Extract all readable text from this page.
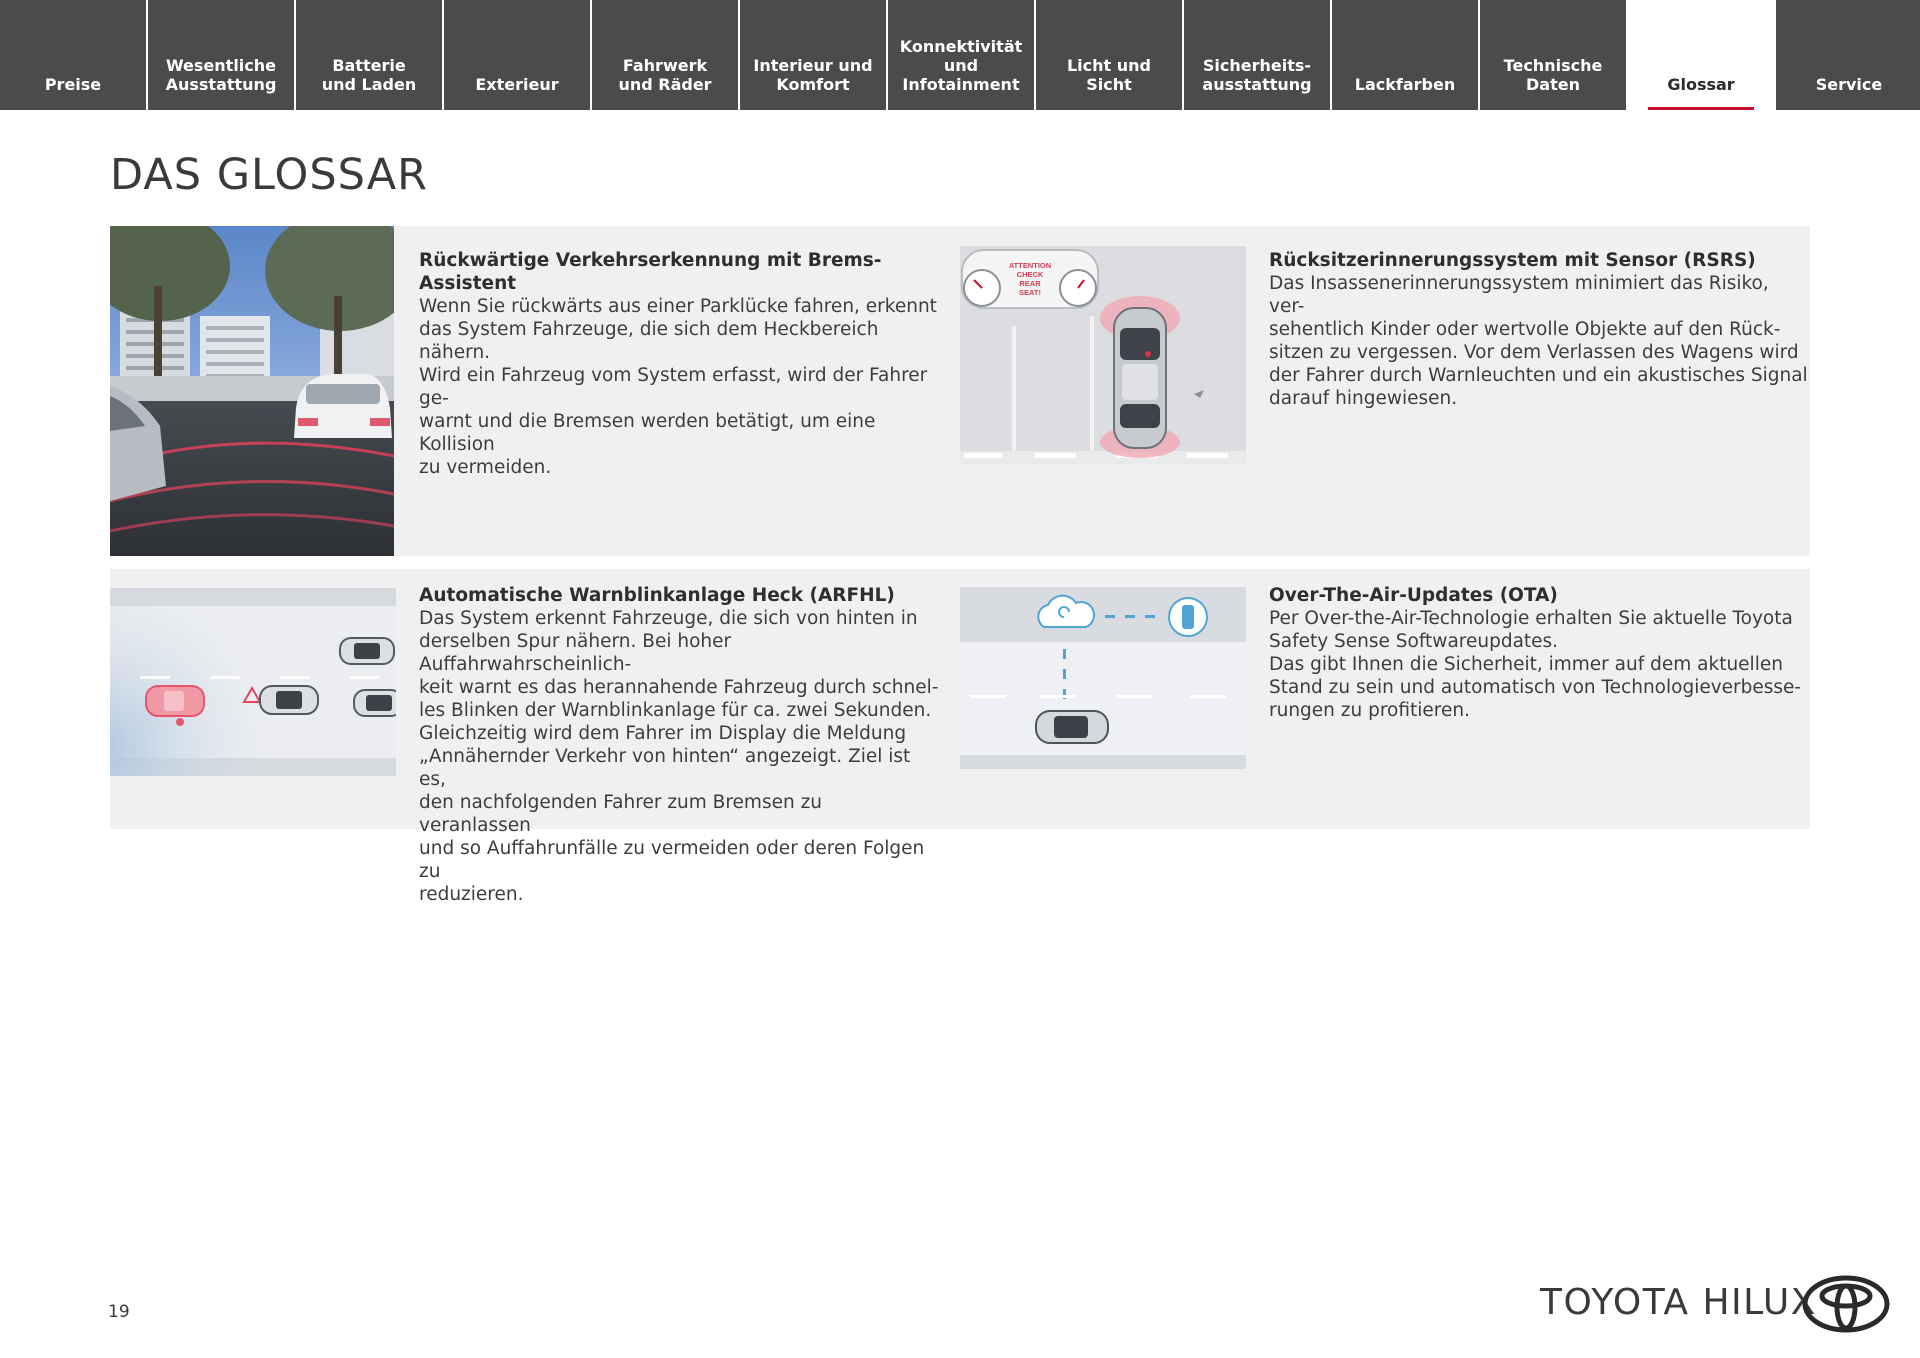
Preise
Wesentliche
Ausstattung
Batterie
und Laden	Exterieur
Fahrwerk
und Räder
Interieur und
Komfort
Konnektivität
und
Infotainment
Licht und
Sicht
Sicherheits-
ausstattung	Lackfarben
Technische
Daten	Glossar	Service
DAS GLOSSAR
Rückwärtige Verkehrserkennung mit Brems-Assistent
Wenn Sie rückwärts aus einer Parklücke fahren, erkennt
das System Fahrzeuge, die sich dem Heckbereich nähern.
Wird ein Fahrzeug vom System erfasst, wird der Fahrer ge-
warnt und die Bremsen werden betätigt, um eine Kollision
zu vermeiden.
ATTENTION
CHECK
REAR
SEAT!
Rücksitzerinnerungssystem mit Sensor (RSRS)
Das Insassenerinnerungssystem minimiert das Risiko, ver-
sehentlich Kinder oder wertvolle Objekte auf den Rück-
sitzen zu vergessen. Vor dem Verlassen des Wagens wird
der Fahrer durch Warnleuchten und ein akustisches Signal
darauf hingewiesen.
Automatische Warnblinkanlage Heck (ARFHL)
Das System erkennt Fahrzeuge, die sich von hinten in
derselben Spur nähern. Bei hoher Auffahrwahrscheinlich-
keit warnt es das herannahende Fahrzeug durch schnel-
les Blinken der Warnblinkanlage für ca. zwei Sekunden.
Gleichzeitig wird dem Fahrer im Display die Meldung
„Annähernder Verkehr von hinten“ angezeigt. Ziel ist es,
den nachfolgenden Fahrer zum Bremsen zu veranlassen
und so Auffahrunfälle zu vermeiden oder deren Folgen zu
reduzieren.
Over-The-Air-Updates (OTA)
Per Over-the-Air-Technologie erhalten Sie aktuelle Toyota
Safety Sense Softwareupdates.
Das gibt Ihnen die Sicherheit, immer auf dem aktuellen
Stand zu sein und automatisch von Technologieverbesse-
rungen zu profitieren.
19	TOYOTA HILUX
